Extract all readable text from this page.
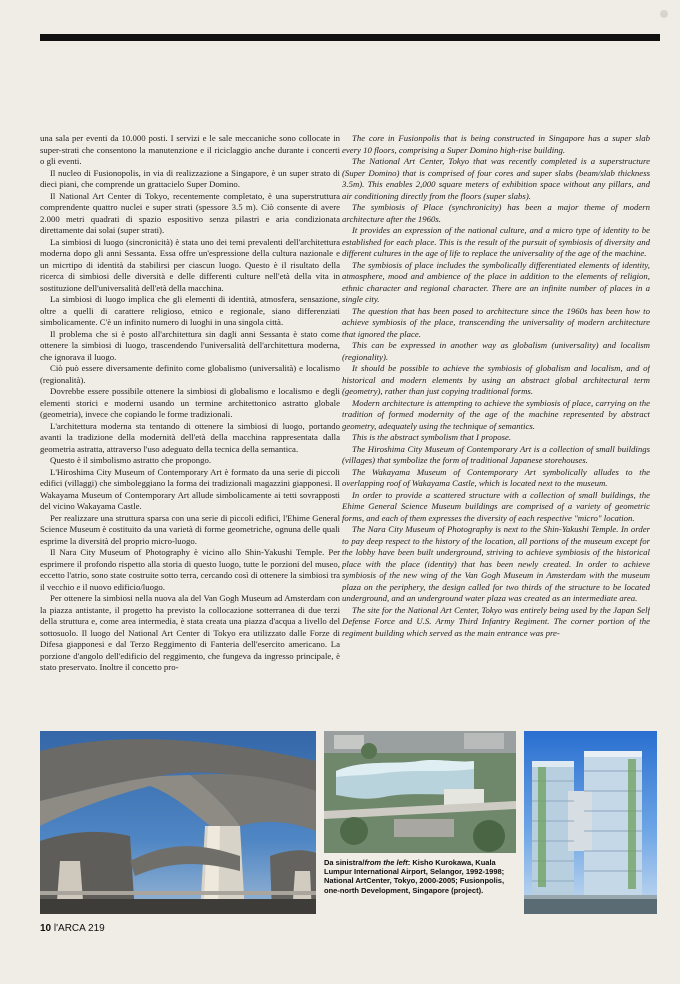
una sala per eventi da 10.000 posti. I servizi e le sale meccaniche sono collocate in super-strati che consentono la manutenzione e il riciclaggio anche durante i concerti o gli eventi.

Il nucleo di Fusionopolis, in via di realizzazione a Singapore, è un super strato di dieci piani, che comprende un grattacielo Super Domino.

Il National Art Center di Tokyo, recentemente completato, è una superstruttura comprendente quattro nuclei e super strati (spessore 3.5 m). Ciò consente di avere 2.000 metri quadrati di spazio espositivo senza pilastri e aria condizionata direttamente dai solai (super strati).

La simbiosi di luogo (sincronicità) è stata uno dei temi prevalenti dell'architettura moderna dopo gli anni Sessanta. Essa offre un'espressione della cultura nazionale e un micrtipo di identità da stabilirsi per ciascun luogo. Questo è il risultato della ricerca di simbiosi delle diversità e delle differenti culture nell'età della vita in sostituzione dell'universalità dell'età della macchina.

La simbiosi di luogo implica che gli elementi di identità, atmosfera, sensazione, oltre a quelli di carattere religioso, etnico e regionale, siano differenziati simbolicamente. C'è un infinito numero di luoghi in una singola città.

Il problema che si è posto all'architettura sin dagli anni Sessanta è stato come ottenere la simbiosi di luogo, trascendendo l'universalità dell'architettura moderna, che ignorava il luogo.

Ciò può essere diversamente definito come globalismo (universalità) e localismo (regionalità).

Dovrebbe essere possibile ottenere la simbiosi di globalismo e localismo e degli elementi storici e moderni usando un termine architettonico astratto globale (geometria), invece che copiando le forme tradizionali.

L'architettura moderna sta tentando di ottenere la simbiosi di luogo, portando avanti la tradizione della modernità dell'età della macchina rappresentata dalla geometria astratta, attraverso l'uso adeguato della tecnica della semantica.

Questo è il simbolismo astratto che propongo.

L'Hiroshima City Museum of Contemporary Art è formato da una serie di piccoli edifici (villaggi) che simboleggiano la forma dei tradizionali magazzini giapponesi. Il Wakayama Museum of Contemporary Art allude simbolicamente ai tetti sovrapposti del vicino Wakayama Castle.

Per realizzare una struttura sparsa con una serie di piccoli edifici, l'Ehime General Science Museum è costituito da una varietà di forme geometriche, ognuna delle quali esprime la diversità del proprio micro-luogo.

Il Nara City Museum of Photography è vicino allo Shin-Yakushi Temple. Per esprimere il profondo rispetto alla storia di questo luogo, tutte le porzioni del museo, eccetto l'atrio, sono state costruite sotto terra, cercando così di ottenere la simbiosi tra il vecchio e il nuovo edificio/luogo.

Per ottenere la simbiosi nella nuova ala del Van Gogh Museum ad Amsterdam con la piazza antistante, il progetto ha previsto la collocazione sotterranea di due terzi della struttura e, come area intermedia, è stata creata una piazza d'acqua a livello del sottosuolo. Il luogo del National Art Center di Tokyo era utilizzato dalle Forze di Difesa giapponesi e dal Terzo Reggimento di Fanteria dell'esercito americano. La porzione d'angolo dell'edificio del reggimento, che fungeva da ingresso principale, è stato preservato. Inoltre il concetto pro-

The core in Fusionpolis that is being constructed in Singapore has a super slab every 10 floors, comprising a Super Domino high-rise building.

The National Art Center, Tokyo that was recently completed is a superstructure (Super Domino) that is comprised of four cores and super slabs (beam/slab thickness 3.5m). This enables 2,000 square meters of exhibition space without any pillars, and air conditioning directly from the floors (super slabs).

The symbiosis of Place (synchronicity) has been a major theme of modern architecture after the 1960s.

It provides an expression of the national culture, and a micro type of identity to be established for each place. This is the result of the pursuit of symbiosis of diversity and different cultures in the age of life to replace the universality of the age of the machine.

The symbiosis of place includes the symbolically differentiated elements of identity, atmosphere, mood and ambience of the place in addition to the elements of religion, ethnic character and regional character. There are an infinite number of places in a single city.

The question that has been posed to architecture since the 1960s has been how to achieve symbiosis of the place, transcending the universality of modern architecture that ignored the place.

This can be expressed in another way as globalism (universality) and localism (regionality).

It should be possible to achieve the symbiosis of globalism and localism, and of historical and modern elements by using an abstract global architectural term (geometry), rather than just copying traditional forms.

Modern architecture is attempting to achieve the symbiosis of place, carrying on the tradition of formed modernity of the age of the machine represented by abstract geometry, adequately using the technique of semantics.

This is the abstract symbolism that I propose.

The Hiroshima City Museum of Contemporary Art is a collection of small buildings (villages) that symbolize the form of traditional Japanese storehouses.

The Wakayama Museum of Contemporary Art symbolically alludes to the overlapping roof of Wakayama Castle, which is located next to the museum.

In order to provide a scattered structure with a collection of small buildings, the Ehime General Science Museum buildings are comprised of a variety of geometric forms, and each of them expresses the diversity of each respective "micro" location.

The Nara City Museum of Photography is next to the Shin-Yakushi Temple. In order to pay deep respect to the history of the location, all portions of the museum except for the lobby have been built underground, striving to achieve symbiosis of the historical place with the place (identity) that has been newly created. In order to achieve symbiosis of the new wing of the Van Gogh Museum in Amsterdam with the museum plaza on the periphery, the design called for two thirds of the structure to be located underground, and an underground water plaza was created as an intermediate area.

The site for the National Art Center, Tokyo was entirely being used by the Japan Self Defense Force and U.S. Army Third Infantry Regiment. The corner portion of the regiment building which served as the main entrance was pre-

Da sinistra/from the left: Kisho Kurokawa, Kuala Lumpur International Airport, Selangor, 1992-1998; National ArtCenter, Tokyo, 2000-2005; Fusionpolis, one-north Development, Singapore (project).
10 l'ARCA 219
